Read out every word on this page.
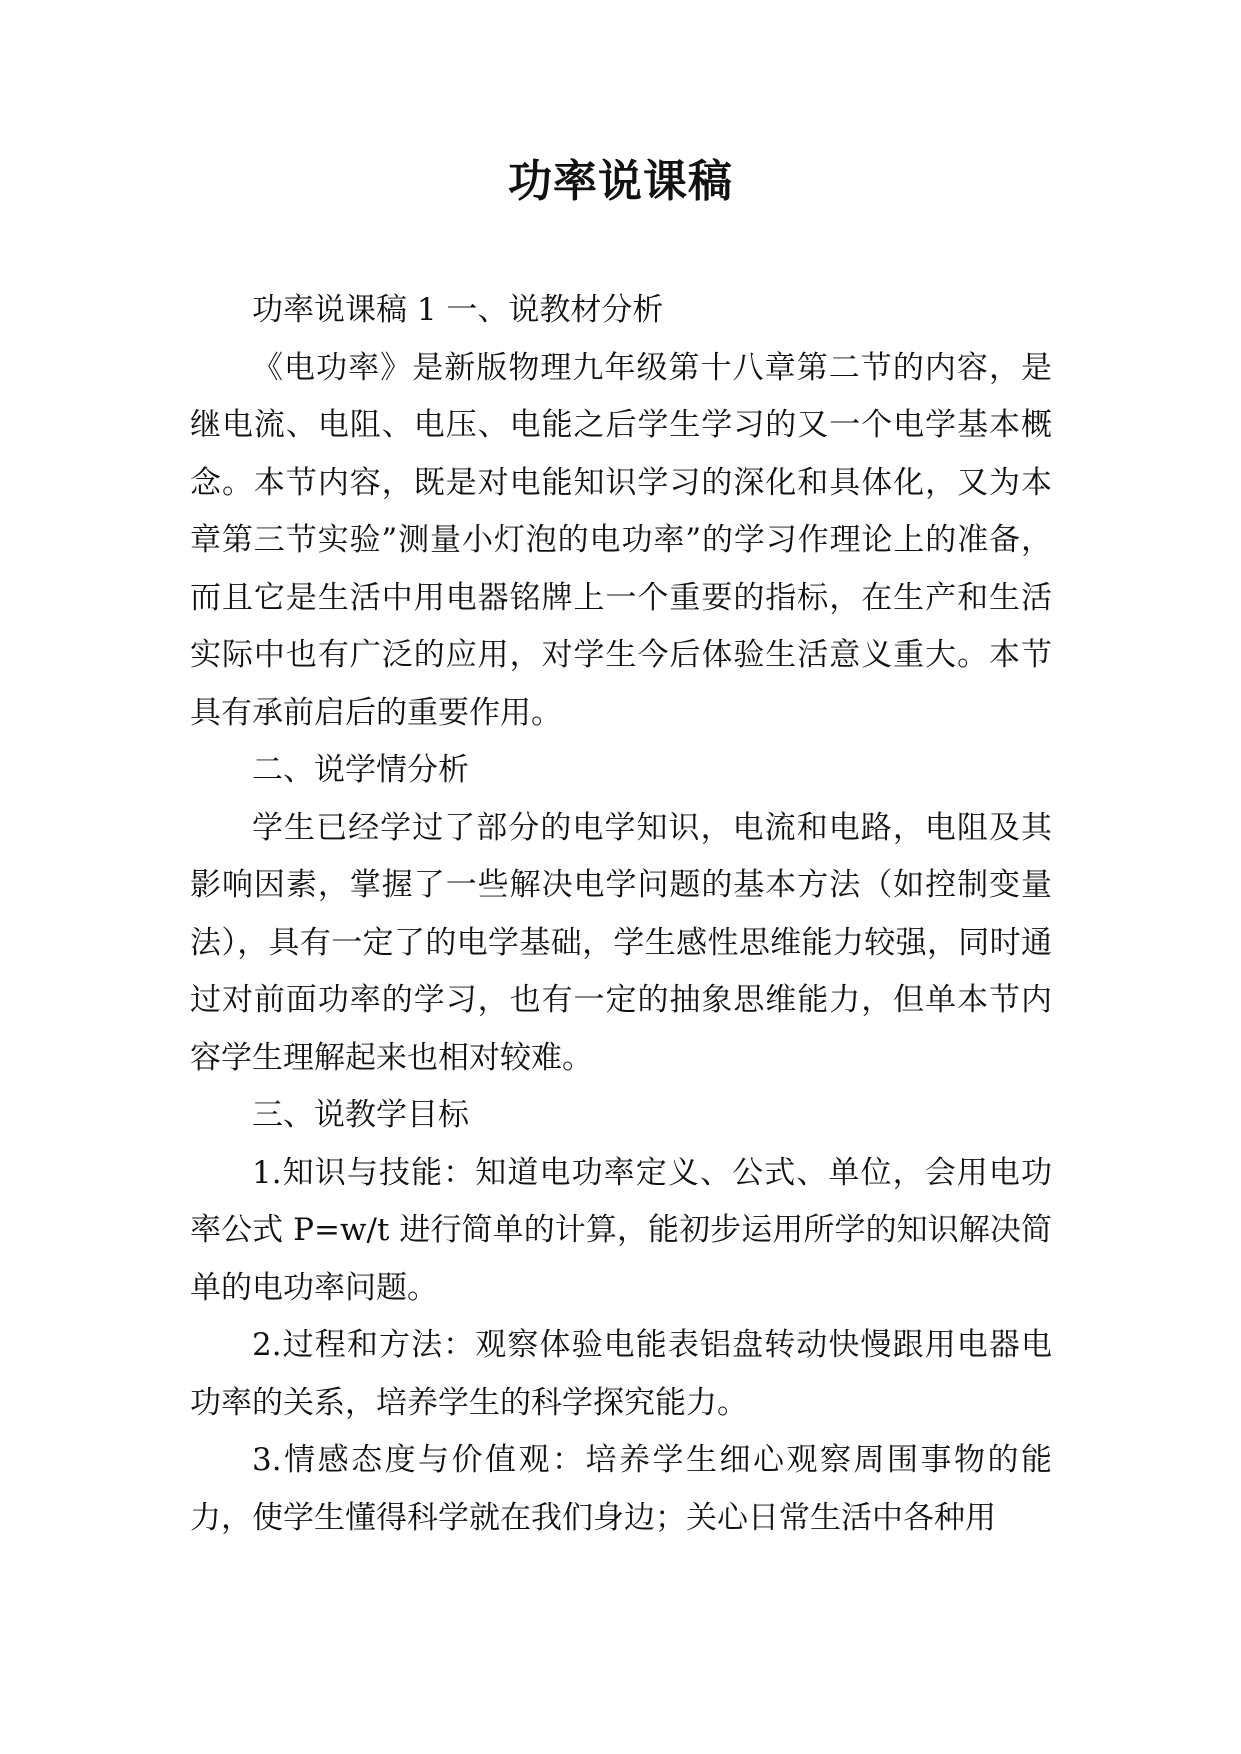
功率说课稿

功率说课稿 1 一、说教材分析

《电功率》是新版物理九年级第十八章第二节的内容，是继电流、电阻、电压、电能之后学生学习的又一个电学基本概念。本节内容，既是对电能知识学习的深化和具体化，又为本章第三节实验”测量小灯泡的电功率”的学习作理论上的准备，而且它是生活中用电器铭牌上一个重要的指标，在生产和生活实际中也有广泛的应用，对学生今后体验生活意义重大。本节具有承前启后的重要作用。

二、说学情分析

学生已经学过了部分的电学知识，电流和电路，电阻及其影响因素，掌握了一些解决电学问题的基本方法（如控制变量法），具有一定了的电学基础，学生感性思维能力较强，同时通过对前面功率的学习，也有一定的抽象思维能力，但单本节内容学生理解起来也相对较难。

三、说教学目标

1.知识与技能：知道电功率定义、公式、单位，会用电功率公式 P=w/t 进行简单的计算，能初步运用所学的知识解决简单的电功率问题。

2.过程和方法：观察体验电能表铝盘转动快慢跟用电器电功率的关系，培养学生的科学探究能力。

3.情感态度与价值观：培养学生细心观察周围事物的能力，使学生懂得科学就在我们身边；关心日常生活中各种用
